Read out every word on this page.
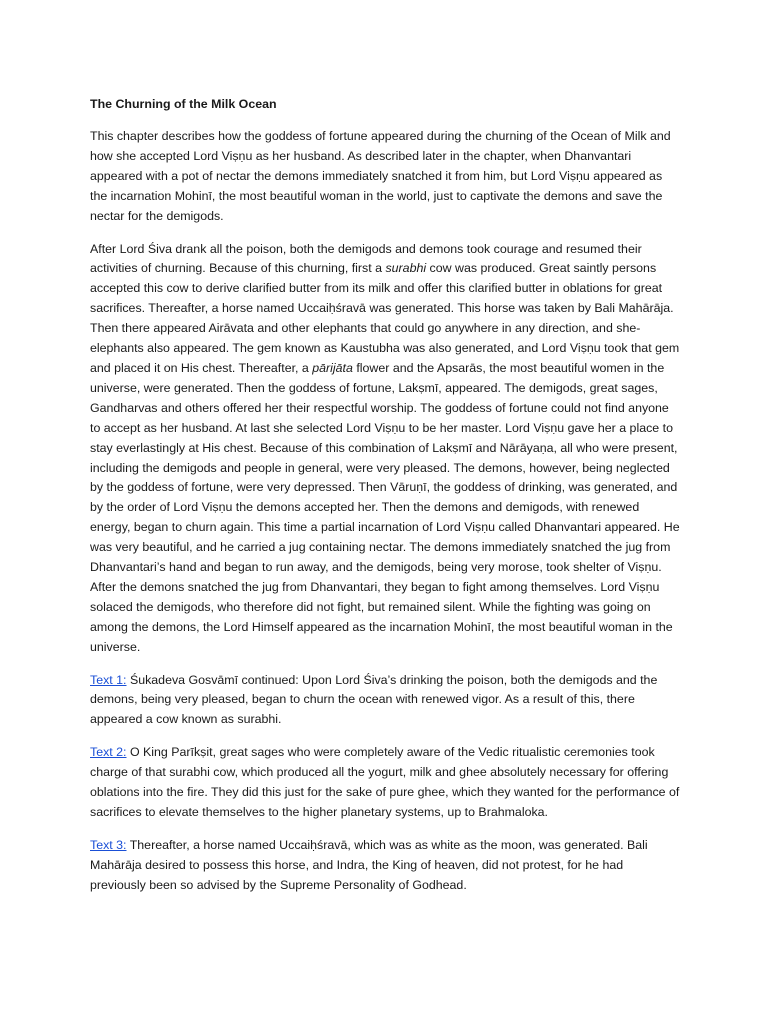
The Churning of the Milk Ocean

This chapter describes how the goddess of fortune appeared during the churning of the Ocean of Milk and how she accepted Lord Viṣṇu as her husband. As described later in the chapter, when Dhanvantari appeared with a pot of nectar the demons immediately snatched it from him, but Lord Viṣṇu appeared as the incarnation Mohinī, the most beautiful woman in the world, just to captivate the demons and save the nectar for the demigods.

After Lord Śiva drank all the poison, both the demigods and demons took courage and resumed their activities of churning. Because of this churning, first a surabhi cow was produced. Great saintly persons accepted this cow to derive clarified butter from its milk and offer this clarified butter in oblations for great sacrifices. Thereafter, a horse named Uccaiḥśravā was generated. This horse was taken by Bali Mahārāja. Then there appeared Airāvata and other elephants that could go anywhere in any direction, and she-elephants also appeared. The gem known as Kaustubha was also generated, and Lord Viṣṇu took that gem and placed it on His chest. Thereafter, a pārijāta flower and the Apsarās, the most beautiful women in the universe, were generated. Then the goddess of fortune, Lakṣmī, appeared. The demigods, great sages, Gandharvas and others offered her their respectful worship. The goddess of fortune could not find anyone to accept as her husband. At last she selected Lord Viṣṇu to be her master. Lord Viṣṇu gave her a place to stay everlastingly at His chest. Because of this combination of Lakṣmī and Nārāyaṇa, all who were present, including the demigods and people in general, were very pleased. The demons, however, being neglected by the goddess of fortune, were very depressed. Then Vāruṇī, the goddess of drinking, was generated, and by the order of Lord Viṣṇu the demons accepted her. Then the demons and demigods, with renewed energy, began to churn again. This time a partial incarnation of Lord Viṣṇu called Dhanvantari appeared. He was very beautiful, and he carried a jug containing nectar. The demons immediately snatched the jug from Dhanvantari’s hand and began to run away, and the demigods, being very morose, took shelter of Viṣṇu. After the demons snatched the jug from Dhanvantari, they began to fight among themselves. Lord Viṣṇu solaced the demigods, who therefore did not fight, but remained silent. While the fighting was going on among the demons, the Lord Himself appeared as the incarnation Mohinī, the most beautiful woman in the universe.

Text 1: Śukadeva Gosvāmī continued: Upon Lord Śiva’s drinking the poison, both the demigods and the demons, being very pleased, began to churn the ocean with renewed vigor. As a result of this, there appeared a cow known as surabhi.

Text 2: O King Parīkṣit, great sages who were completely aware of the Vedic ritualistic ceremonies took charge of that surabhi cow, which produced all the yogurt, milk and ghee absolutely necessary for offering oblations into the fire. They did this just for the sake of pure ghee, which they wanted for the performance of sacrifices to elevate themselves to the higher planetary systems, up to Brahmaloka.

Text 3: Thereafter, a horse named Uccaiḥśravā, which was as white as the moon, was generated. Bali Mahārāja desired to possess this horse, and Indra, the King of heaven, did not protest, for he had previously been so advised by the Supreme Personality of Godhead.
